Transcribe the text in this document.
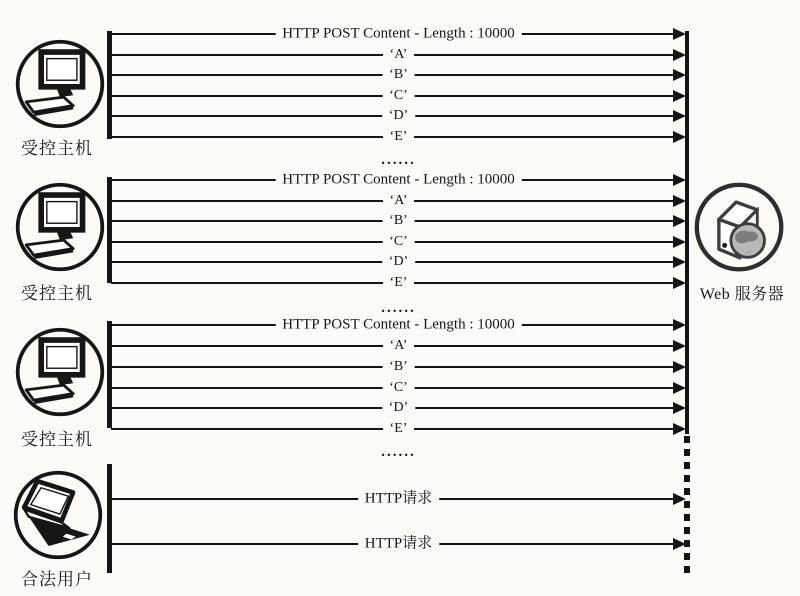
Web 服务器
受控主机
HTTP POST Content - Length : 10000
‘A’
‘B’
‘C’
‘D’
‘E’
......
受控主机
HTTP POST Content - Length : 10000
‘A’
‘B’
‘C’
‘D’
‘E’
......
受控主机
HTTP POST Content - Length : 10000
‘A’
‘B’
‘C’
‘D’
‘E’
......
合法用户
HTTP请求
HTTP请求
